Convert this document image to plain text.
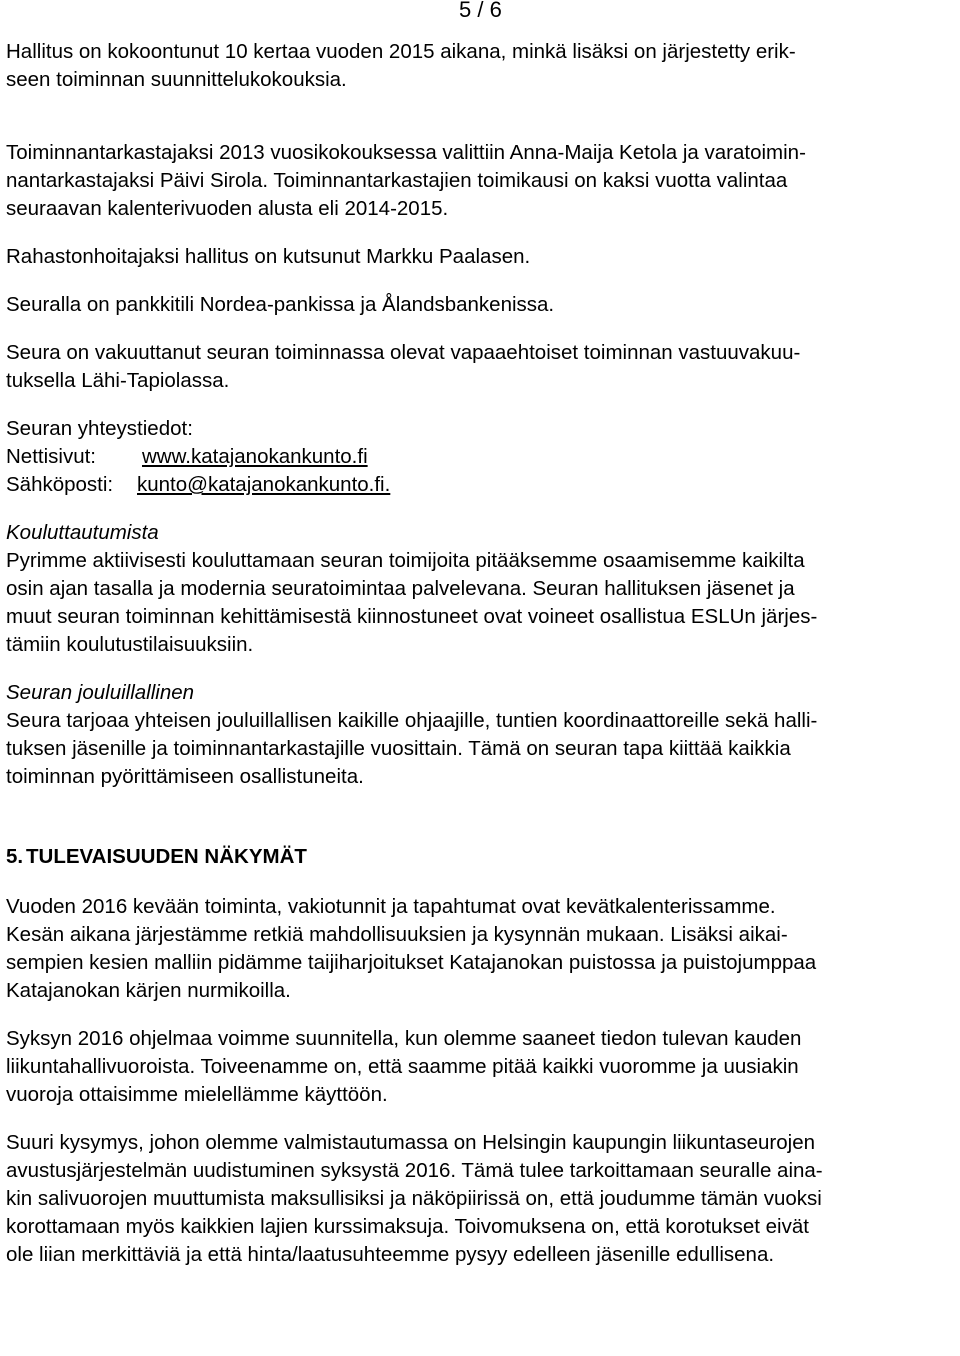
5 / 6
Hallitus on kokoontunut 10 kertaa vuoden 2015 aikana, minkä lisäksi on järjestetty erik-
seen toiminnan suunnittelukokouksia.
Toiminnantarkastajaksi 2013 vuosikokouksessa valittiin Anna-Maija Ketola ja varatoimin-
nantarkastajaksi Päivi Sirola. Toiminnantarkastajien toimikausi on kaksi vuotta valintaa
seuraavan kalenterivuoden alusta eli 2014-2015.
Rahastonhoitajaksi hallitus on kutsunut Markku Paalasen.
Seuralla on pankkitili Nordea-pankissa ja Ålandsbankenissa.
Seura on vakuuttanut seuran toiminnassa olevat vapaaehtoiset toiminnan vastuuvakuu-
tuksella Lähi-Tapiolassa.
Seuran yhteystiedot:
Nettisivut: www.katajanokankunto.fi
Sähköposti: kunto@katajanokankunto.fi.
Kouluttautumista
Pyrimme aktiivisesti kouluttamaan seuran toimijoita pitääksemme osaamisemme kaikilta
osin ajan tasalla ja modernia seuratoimintaa palvelevana. Seuran hallituksen jäsenet ja
muut seuran toiminnan kehittämisestä kiinnostuneet ovat voineet osallistua ESLUn järjes-
tämiin koulutustilaisuuksiin.
Seuran jouluillallinen
Seura tarjoaa yhteisen jouluillallisen kaikille ohjaajille, tuntien koordinaattoreille sekä halli-
tuksen jäsenille ja toiminnantarkastajille vuosittain. Tämä on seuran tapa kiittää kaikkia
toiminnan pyörittämiseen osallistuneita.
5. TULEVAISUUDEN NÄKYMÄT
Vuoden 2016 kevään toiminta, vakiotunnit ja tapahtumat ovat kevätkalenterissamme.
Kesän aikana järjestämme retkiä mahdollisuuksien ja kysynnän mukaan. Lisäksi aikai-
sempien kesien malliin pidämme taijiharjoitukset Katajanokan puistossa ja puistojumppaa
Katajanokan kärjen nurmikoilla.
Syksyn 2016 ohjelmaa voimme suunnitella, kun olemme saaneet tiedon tulevan kauden
liikuntahallivuoroista. Toiveenamme on, että saamme pitää kaikki vuoromme ja uusiakin
vuoroja ottaisimme mielellämme käyttöön.
Suuri kysymys, johon olemme valmistautumassa on Helsingin kaupungin liikuntaseurojen
avustusjärjestelmän uudistuminen syksystä 2016. Tämä tulee tarkoittamaan seuralle aina-
kin salivuorojen muuttumista maksullisiksi ja näköpiirissä on, että joudumme tämän vuoksi
korottamaan myös kaikkien lajien kurssimaksuja. Toivomuksena on, että korotukset eivät
ole liian merkittäviä ja että hinta/laatusuhteemme pysyy edelleen jäsenille edullisena.
